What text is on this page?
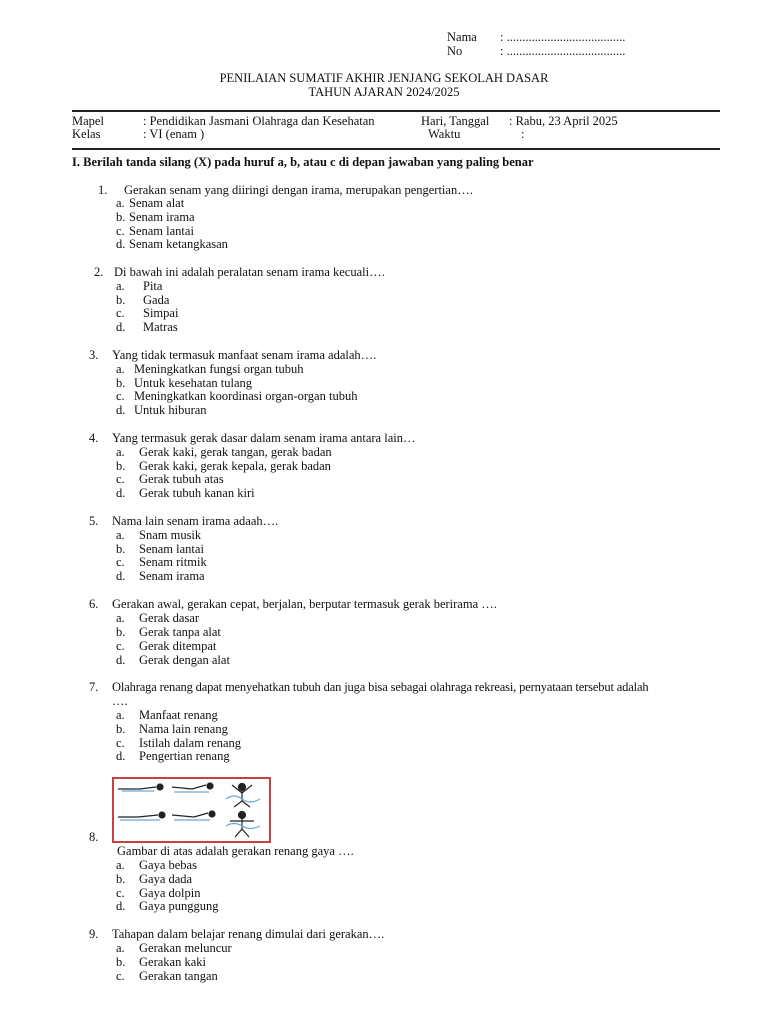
Nama : ......................................
No	: ......................................
PENILAIAN SUMATIF AKHIR JENJANG SEKOLAH DASAR
TAHUN AJARAN 2024/2025
Mapel	: Pendidikan Jasmani Olahraga dan Kesehatan
Kelas	: VI (enam )
Hari, Tanggal : Rabu, 23 April 2025
Waktu	:
I. Berilah tanda silang (X) pada huruf a, b, atau c di depan jawaban yang paling benar
1. Gerakan senam yang diiringi dengan irama, merupakan pengertian….
a. Senam alat
b. Senam irama
c. Senam lantai
d. Senam ketangkasan
2. Di bawah ini adalah peralatan senam irama kecuali….
a. Pita
b. Gada
c. Simpai
d. Matras
3. Yang tidak termasuk manfaat senam irama adalah….
a. Meningkatkan fungsi organ tubuh
b. Untuk kesehatan tulang
c. Meningkatkan koordinasi organ-organ tubuh
d. Untuk hiburan
4. Yang termasuk gerak dasar dalam senam irama antara lain…
a. Gerak kaki, gerak tangan, gerak badan
b. Gerak kaki, gerak kepala, gerak badan
c. Gerak tubuh atas
d. Gerak tubuh kanan kiri
5. Nama lain senam irama adaah….
a. Snam musik
b. Senam lantai
c. Senam ritmik
d. Senam irama
6. Gerakan awal, gerakan cepat, berjalan, berputar termasuk gerak berirama ….
a. Gerak dasar
b. Gerak tanpa alat
c. Gerak ditempat
d. Gerak dengan alat
7. Olahraga renang dapat menyehatkan tubuh dan juga bisa sebagai olahraga rekreasi, pernyataan tersebut adalah
….
a. Manfaat renang
b. Nama lain renang
c. Istilah dalam renang
d. Pengertian renang
8.
Gambar di atas adalah gerakan renang gaya ….
a. Gaya bebas
b. Gaya dada
c. Gaya dolpin
d. Gaya punggung
9. Tahapan dalam belajar renang dimulai dari gerakan….
a. Gerakan meluncur
b. Gerakan kaki
c. Gerakan tangan
